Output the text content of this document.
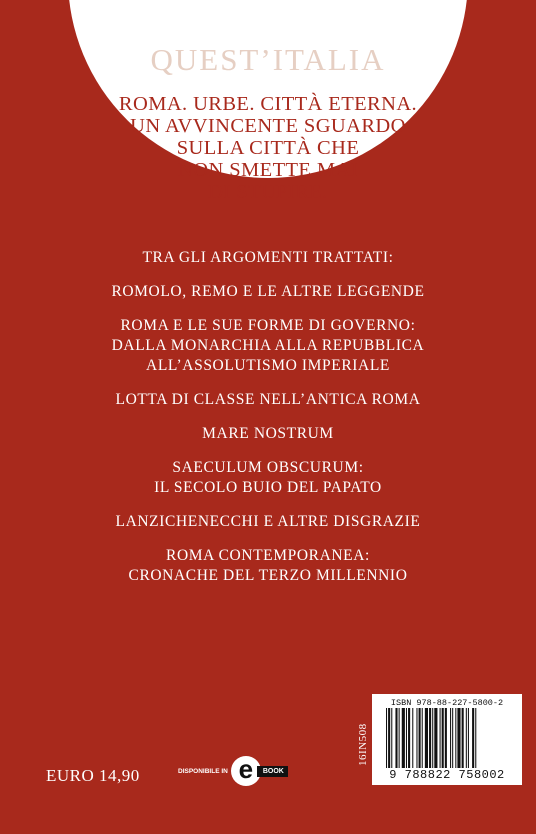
QUEST’ITALIA
ROMA. URBE. CITTÀ ETERNA.
UN AVVINCENTE SGUARDO
SULLA CITTÀ CHE
NON SMETTE MAI
DI STUPIRE.
TRA GLI ARGOMENTI TRATTATI:
ROMOLO, REMO E LE ALTRE LEGGENDE
ROMA E LE SUE FORME DI GOVERNO:
DALLA MONARCHIA ALLA REPUBBLICA
ALL’ASSOLUTISMO IMPERIALE
LOTTA DI CLASSE NELL’ANTICA ROMA
MARE NOSTRUM
SAECULUM OBSCURUM:
IL SECOLO BUIO DEL PAPATO
LANZICHENECCHI E ALTRE DISGRAZIE
ROMA CONTEMPORANEA:
CRONACHE DEL TERZO MILLENNIO
EURO 14,90	DISPONIBILE IN e	BOOK
16IN508
ISBN 978-88-227-5800-2
9 788822 758002
